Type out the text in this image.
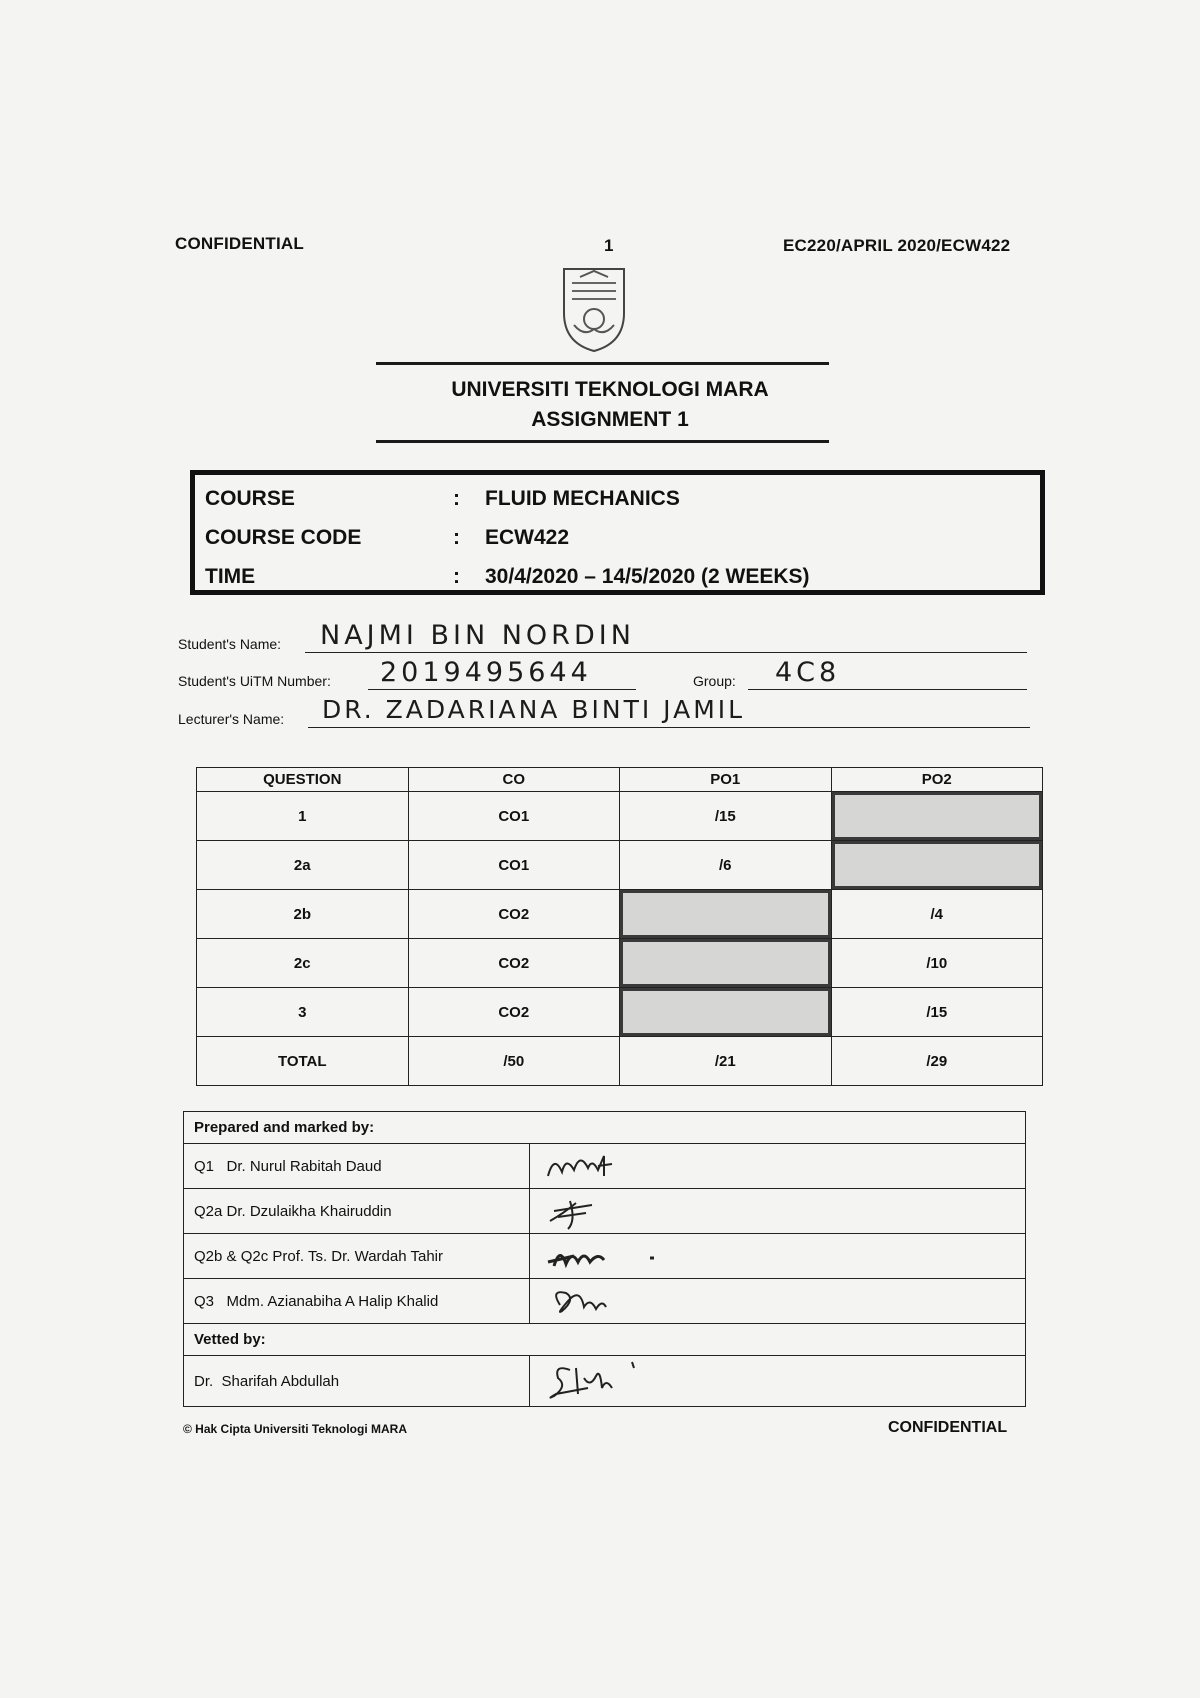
CONFIDENTIAL	1	EC220/APRIL 2020/ECW422
UNIVERSITI TEKNOLOGI MARA
ASSIGNMENT 1
COURSE	: FLUID MECHANICS
COURSE CODE	: ECW422
TIME	: 30/4/2020 – 14/5/2020 (2 WEEKS)
Student's Name: NAJMI BIN NORDIN
Student's UiTM Number: 2019495644	Group: 4C8
Lecturer's Name: DR. ZADARIANA BINTI JAMIL
QUESTION	CO	PO1	PO2
1	CO1	/15	
2a	CO1	/6	
2b	CO2		/4
2c	CO2		/10
3	CO2		/15
TOTAL	/50	/21	/29
Prepared and marked by:	
Q1   Dr. Nurul Rabitah Daud	

Q2a Dr. Dzulaikha Khairuddin	

Q2b & Q2c Prof. Ts. Dr. Wardah Tahir	

Q3   Mdm. Azianabiha A Halip Khalid	

Vetted by:	
Dr.  Sharifah Abdullah	
© Hak Cipta Universiti Teknologi MARA	CONFIDENTIAL
